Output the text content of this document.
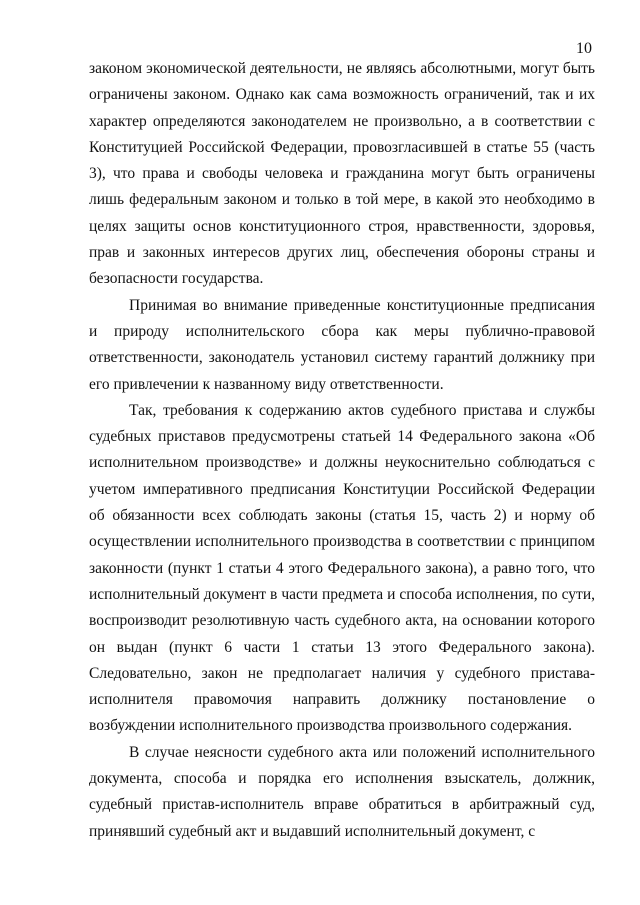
10

законом экономической деятельности, не являясь абсолютными, могут быть ограничены законом. Однако как сама возможность ограничений, так и их характер определяются законодателем не произвольно, а в соответствии с Конституцией Российской Федерации, провозгласившей в статье 55 (часть 3), что права и свободы человека и гражданина могут быть ограничены лишь федеральным законом и только в той мере, в какой это необходимо в целях защиты основ конституционного строя, нравственности, здоровья, прав и законных интересов других лиц, обеспечения обороны страны и безопасности государства.

Принимая во внимание приведенные конституционные предписания и природу исполнительского сбора как меры публично-правовой ответственности, законодатель установил систему гарантий должнику при его привлечении к названному виду ответственности.

Так, требования к содержанию актов судебного пристава и службы судебных приставов предусмотрены статьей 14 Федерального закона «Об исполнительном производстве» и должны неукоснительно соблюдаться с учетом императивного предписания Конституции Российской Федерации об обязанности всех соблюдать законы (статья 15, часть 2) и норму об осуществлении исполнительного производства в соответствии с принципом законности (пункт 1 статьи 4 этого Федерального закона), а равно того, что исполнительный документ в части предмета и способа исполнения, по сути, воспроизводит резолютивную часть судебного акта, на основании которого он выдан (пункт 6 части 1 статьи 13 этого Федерального закона). Следовательно, закон не предполагает наличия у судебного пристава-исполнителя правомочия направить должнику постановление о возбуждении исполнительного производства произвольного содержания.

В случае неясности судебного акта или положений исполнительного документа, способа и порядка его исполнения взыскатель, должник, судебный пристав-исполнитель вправе обратиться в арбитражный суд, принявший судебный акт и выдавший исполнительный документ, с
